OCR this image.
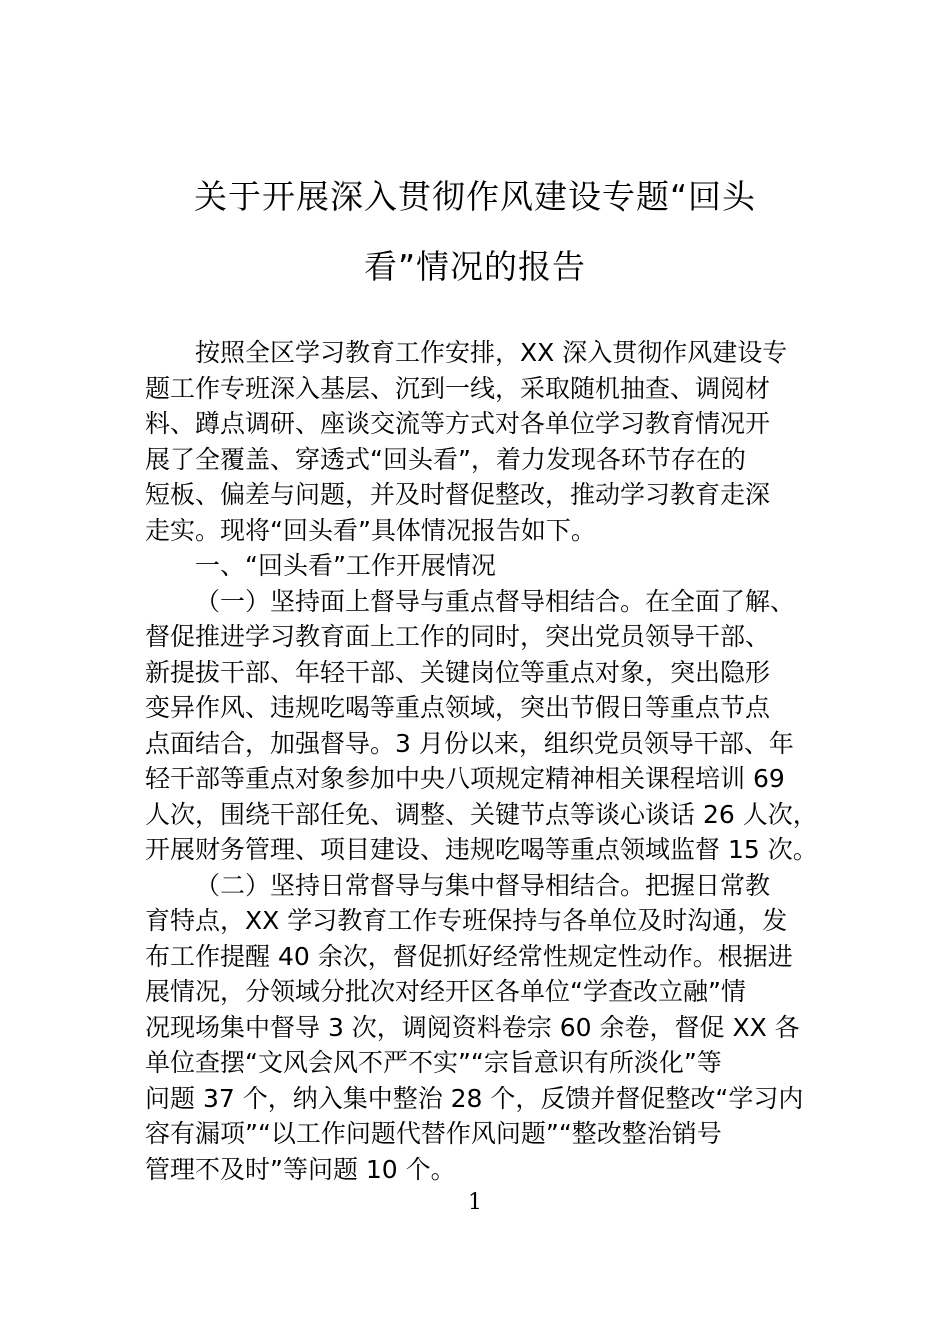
关于开展深入贯彻作风建设专题“回头
看”情况的报告
按照全区学习教育工作安排，XX 深入贯彻作风建设专
题工作专班深入基层、沉到一线，采取随机抽查、调阅材
料、蹲点调研、座谈交流等方式对各单位学习教育情况开
展了全覆盖、穿透式“回头看”，着力发现各环节存在的
短板、偏差与问题，并及时督促整改，推动学习教育走深
走实。现将“回头看”具体情况报告如下。
一、“回头看”工作开展情况
（一）坚持面上督导与重点督导相结合。在全面了解、
督促推进学习教育面上工作的同时，突出党员领导干部、
新提拔干部、年轻干部、关键岗位等重点对象，突出隐形
变异作风、违规吃喝等重点领域，突出节假日等重点节点
点面结合，加强督导。3 月份以来，组织党员领导干部、年
轻干部等重点对象参加中央八项规定精神相关课程培训 69
人次，围绕干部任免、调整、关键节点等谈心谈话 26 人次，
开展财务管理、项目建设、违规吃喝等重点领域监督 15 次。
（二）坚持日常督导与集中督导相结合。把握日常教
育特点，XX 学习教育工作专班保持与各单位及时沟通，发
布工作提醒 40 余次，督促抓好经常性规定性动作。根据进
展情况，分领域分批次对经开区各单位“学查改立融”情
况现场集中督导 3 次，调阅资料卷宗 60 余卷，督促 XX 各
单位查摆“文风会风不严不实”“宗旨意识有所淡化”等
问题 37 个，纳入集中整治 28 个，反馈并督促整改“学习内
容有漏项”“以工作问题代替作风问题”“整改整治销号
管理不及时”等问题 10 个。
1
